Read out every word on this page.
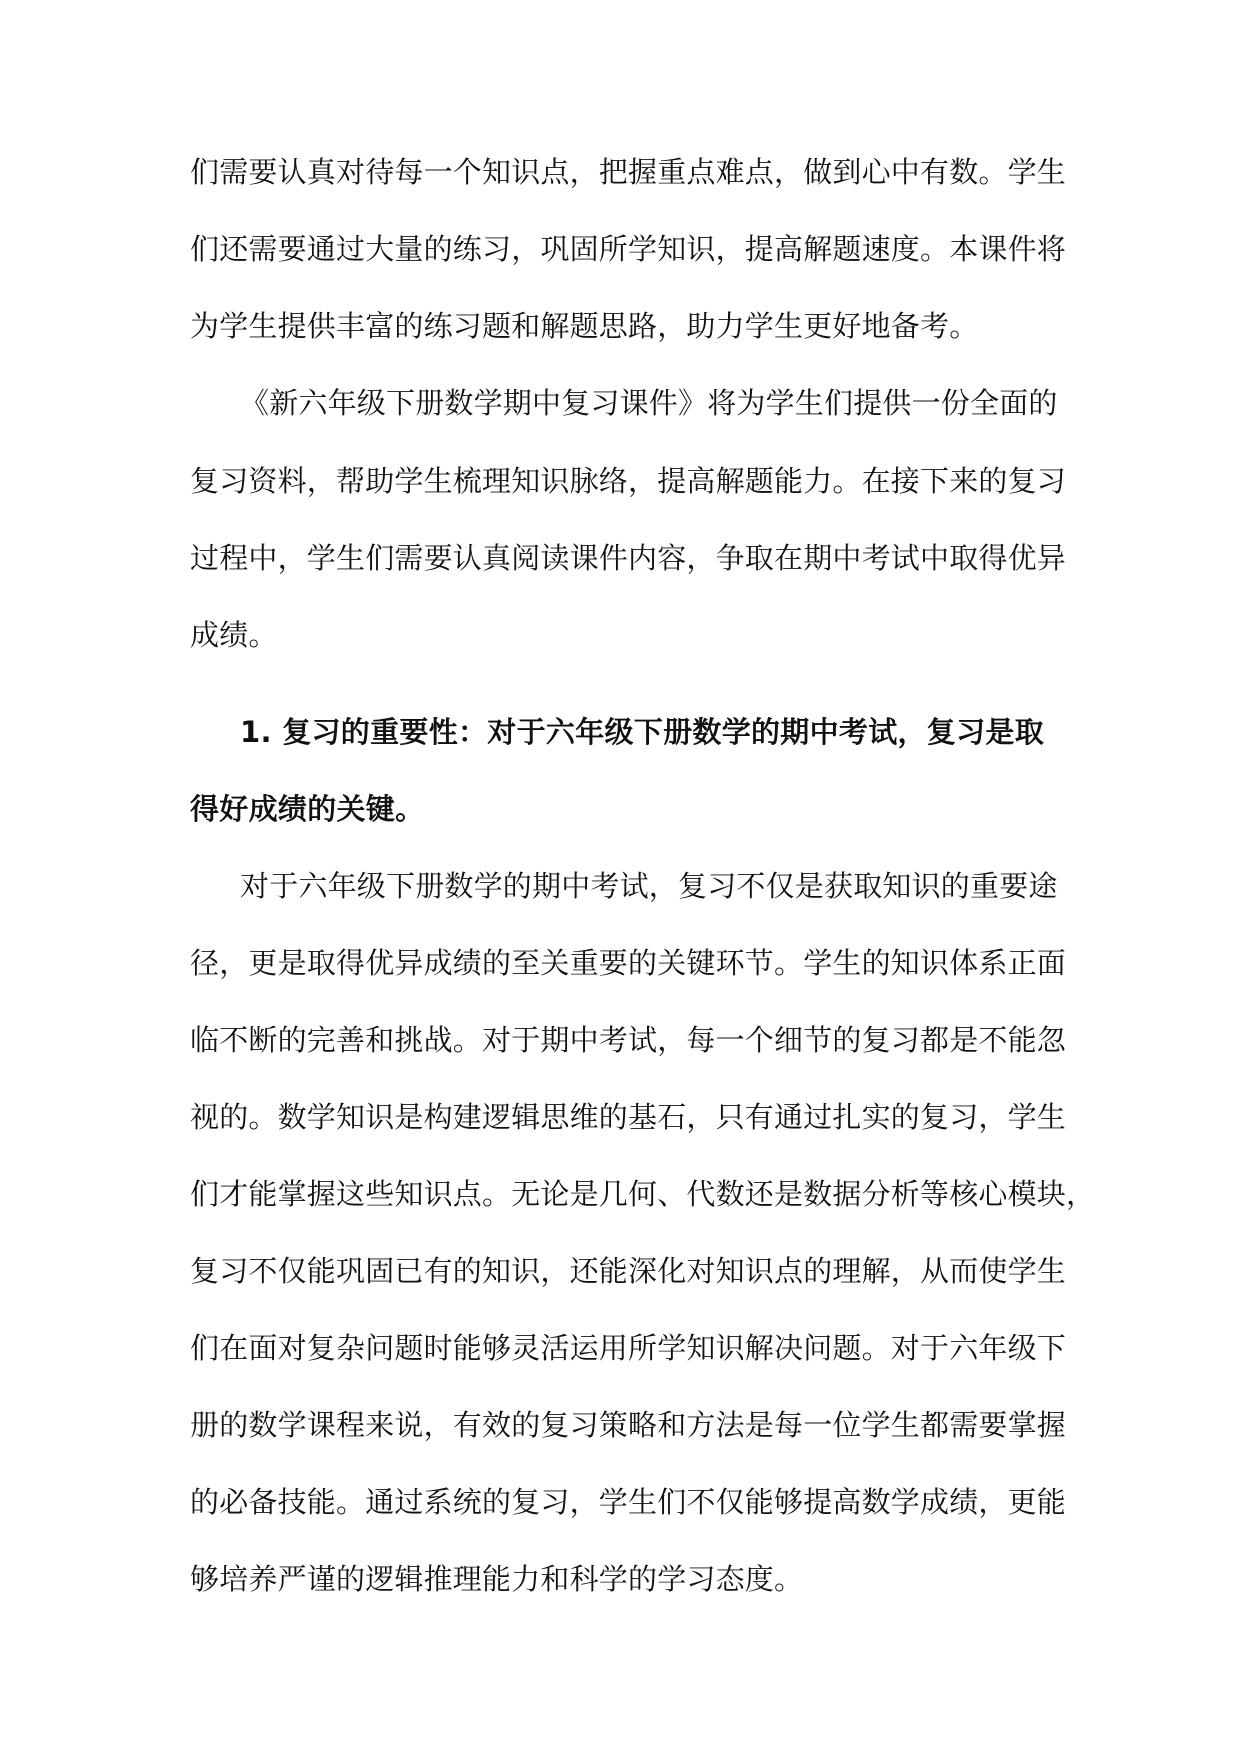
们需要认真对待每一个知识点，把握重点难点，做到心中有数。学生
们还需要通过大量的练习，巩固所学知识，提高解题速度。本课件将
为学生提供丰富的练习题和解题思路，助力学生更好地备考。
《新六年级下册数学期中复习课件》将为学生们提供一份全面的
复习资料，帮助学生梳理知识脉络，提高解题能力。在接下来的复习
过程中，学生们需要认真阅读课件内容，争取在期中考试中取得优异
成绩。
1. 复习的重要性：对于六年级下册数学的期中考试，复习是取
得好成绩的关键。
对于六年级下册数学的期中考试，复习不仅是获取知识的重要途
径，更是取得优异成绩的至关重要的关键环节。学生的知识体系正面
临不断的完善和挑战。对于期中考试，每一个细节的复习都是不能忽
视的。数学知识是构建逻辑思维的基石，只有通过扎实的复习，学生
们才能掌握这些知识点。无论是几何、代数还是数据分析等核心模块，
复习不仅能巩固已有的知识，还能深化对知识点的理解，从而使学生
们在面对复杂问题时能够灵活运用所学知识解决问题。对于六年级下
册的数学课程来说，有效的复习策略和方法是每一位学生都需要掌握
的必备技能。通过系统的复习，学生们不仅能够提高数学成绩，更能
够培养严谨的逻辑推理能力和科学的学习态度。
